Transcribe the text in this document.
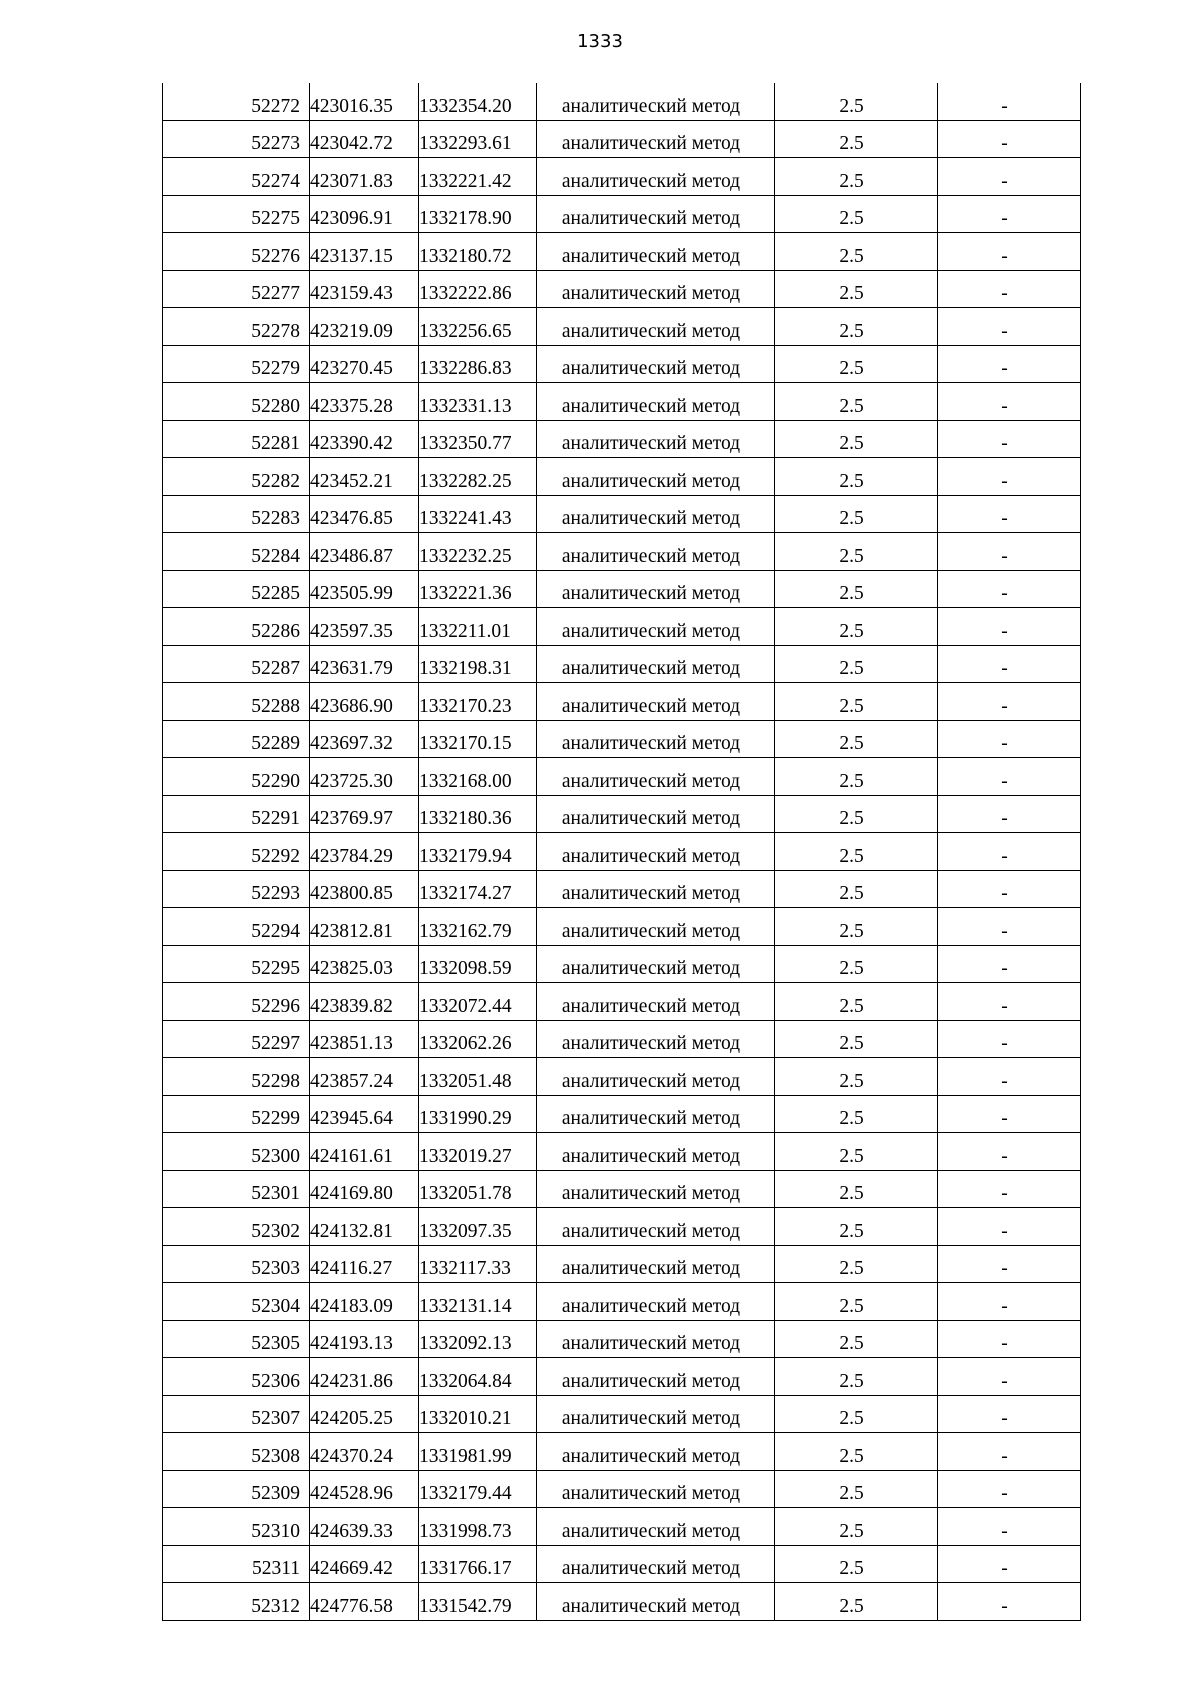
1333
52272	423016.35	1332354.20	аналитический метод	2.5	-
52273	423042.72	1332293.61	аналитический метод	2.5	-
52274	423071.83	1332221.42	аналитический метод	2.5	-
52275	423096.91	1332178.90	аналитический метод	2.5	-
52276	423137.15	1332180.72	аналитический метод	2.5	-
52277	423159.43	1332222.86	аналитический метод	2.5	-
52278	423219.09	1332256.65	аналитический метод	2.5	-
52279	423270.45	1332286.83	аналитический метод	2.5	-
52280	423375.28	1332331.13	аналитический метод	2.5	-
52281	423390.42	1332350.77	аналитический метод	2.5	-
52282	423452.21	1332282.25	аналитический метод	2.5	-
52283	423476.85	1332241.43	аналитический метод	2.5	-
52284	423486.87	1332232.25	аналитический метод	2.5	-
52285	423505.99	1332221.36	аналитический метод	2.5	-
52286	423597.35	1332211.01	аналитический метод	2.5	-
52287	423631.79	1332198.31	аналитический метод	2.5	-
52288	423686.90	1332170.23	аналитический метод	2.5	-
52289	423697.32	1332170.15	аналитический метод	2.5	-
52290	423725.30	1332168.00	аналитический метод	2.5	-
52291	423769.97	1332180.36	аналитический метод	2.5	-
52292	423784.29	1332179.94	аналитический метод	2.5	-
52293	423800.85	1332174.27	аналитический метод	2.5	-
52294	423812.81	1332162.79	аналитический метод	2.5	-
52295	423825.03	1332098.59	аналитический метод	2.5	-
52296	423839.82	1332072.44	аналитический метод	2.5	-
52297	423851.13	1332062.26	аналитический метод	2.5	-
52298	423857.24	1332051.48	аналитический метод	2.5	-
52299	423945.64	1331990.29	аналитический метод	2.5	-
52300	424161.61	1332019.27	аналитический метод	2.5	-
52301	424169.80	1332051.78	аналитический метод	2.5	-
52302	424132.81	1332097.35	аналитический метод	2.5	-
52303	424116.27	1332117.33	аналитический метод	2.5	-
52304	424183.09	1332131.14	аналитический метод	2.5	-
52305	424193.13	1332092.13	аналитический метод	2.5	-
52306	424231.86	1332064.84	аналитический метод	2.5	-
52307	424205.25	1332010.21	аналитический метод	2.5	-
52308	424370.24	1331981.99	аналитический метод	2.5	-
52309	424528.96	1332179.44	аналитический метод	2.5	-
52310	424639.33	1331998.73	аналитический метод	2.5	-
52311	424669.42	1331766.17	аналитический метод	2.5	-
52312	424776.58	1331542.79	аналитический метод	2.5	-
